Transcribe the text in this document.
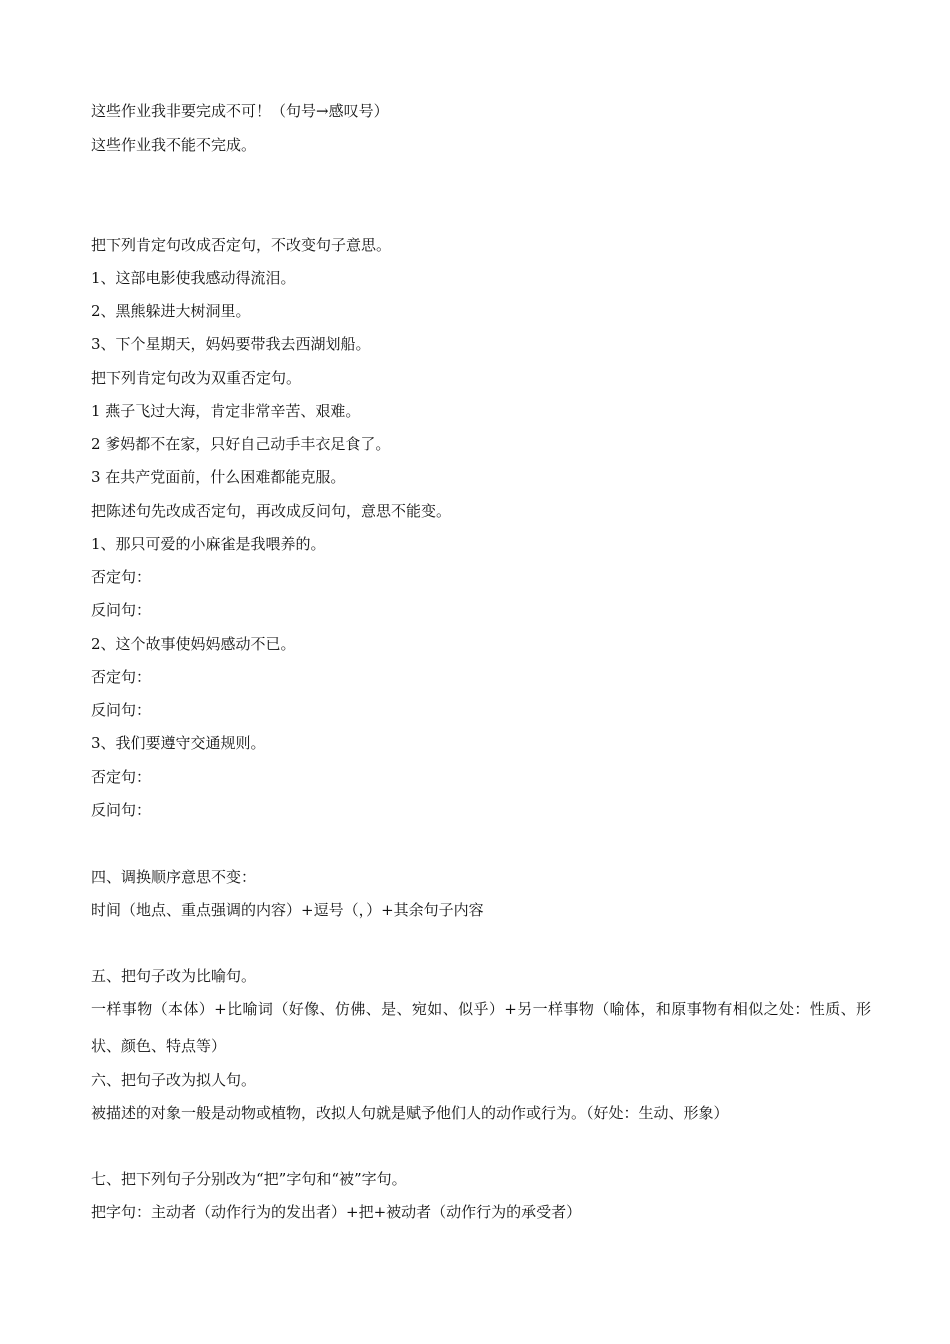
这些作业我非要完成不可！（句号→感叹号）
这些作业我不能不完成。
把下列肯定句改成否定句，不改变句子意思。
1、这部电影使我感动得流泪。
2、黑熊躲进大树洞里。
3、下个星期天，妈妈要带我去西湖划船。
把下列肯定句改为双重否定句。
1 燕子飞过大海，肯定非常辛苦、艰难。
2 爹妈都不在家，只好自己动手丰衣足食了。
3 在共产党面前，什么困难都能克服。
把陈述句先改成否定句，再改成反问句，意思不能变。
1、那只可爱的小麻雀是我喂养的。
否定句：
反问句：
2、这个故事使妈妈感动不已。
否定句：
反问句：
3、我们要遵守交通规则。
否定句：
反问句：
四、调换顺序意思不变：
时间（地点、重点强调的内容）+逗号（，）+其余句子内容
五、把句子改为比喻句。
一样事物（本体）+比喻词（好像、仿佛、是、宛如、似乎）+另一样事物（喻体，和原事物有相似之处：性质、形
状、颜色、特点等）
六、把句子改为拟人句。
被描述的对象一般是动物或植物，改拟人句就是赋予他们人的动作或行为。（好处：生动、形象）
七、把下列句子分别改为“把”字句和“被”字句。
把字句：主动者（动作行为的发出者）+把+被动者（动作行为的承受者）
